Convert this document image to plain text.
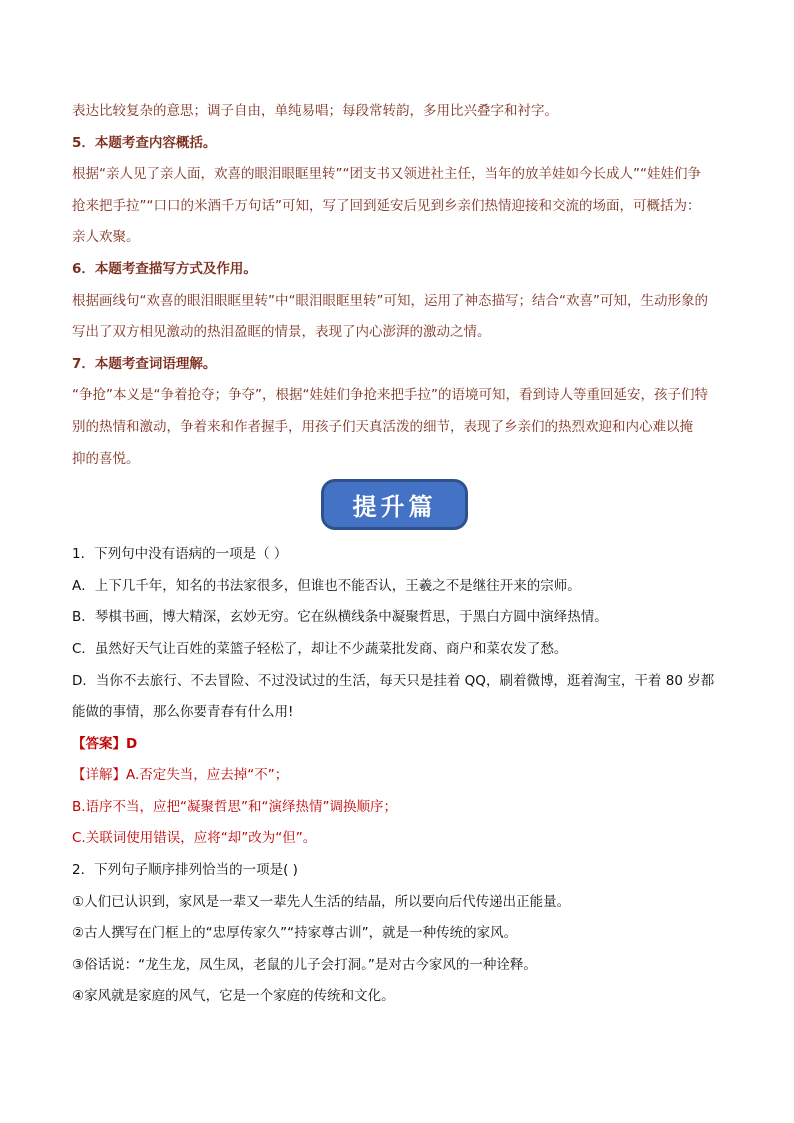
表达比较复杂的意思；调子自由，单纯易唱；每段常转韵，多用比兴叠字和衬字。

5．本题考查内容概括。

根据“亲人见了亲人面，欢喜的眼泪眼眶里转”“团支书又领进社主任，当年的放羊娃如今长成人”“娃娃们争

抢来把手拉”“口口的米酒千万句话”可知，写了回到延安后见到乡亲们热情迎接和交流的场面，可概括为：

亲人欢聚。

6．本题考查描写方式及作用。

根据画线句“欢喜的眼泪眼眶里转”中“眼泪眼眶里转”可知，运用了神态描写；结合“欢喜”可知，生动形象的

写出了双方相见激动的热泪盈眶的情景，表现了内心澎湃的激动之情。

7．本题考查词语理解。

“争抢”本义是“争着抢夺；争夺”，根据“娃娃们争抢来把手拉”的语境可知，看到诗人等重回延安，孩子们特

别的热情和激动，争着来和作者握手，用孩子们天真活泼的细节，表现了乡亲们的热烈欢迎和内心难以掩

抑的喜悦。

提升篇

1．下列句中没有语病的一项是（ ）

A．上下几千年，知名的书法家很多，但谁也不能否认，王羲之不是继往开来的宗师。

B．琴棋书画，博大精深，玄妙无穷。它在纵横线条中凝聚哲思，于黑白方圆中演绎热情。

C．虽然好天气让百姓的菜篮子轻松了，却让不少蔬菜批发商、商户和菜农发了愁。

D．当你不去旅行、不去冒险、不过没试过的生活，每天只是挂着 QQ，刷着微博，逛着淘宝，干着 80 岁都

能做的事情，那么你要青春有什么用!

【答案】D

【详解】A.否定失当，应去掉“不”；

B.语序不当，应把“凝聚哲思”和“演绎热情”调换顺序；

C.关联词使用错误，应将“却”改为“但”。

2．下列句子顺序排列恰当的一项是( )

①人们已认识到，家风是一辈又一辈先人生活的结晶，所以要向后代传递出正能量。

②古人撰写在门框上的“忠厚传家久”“持家尊古训”，就是一种传统的家风。

③俗话说：“龙生龙，凤生凤，老鼠的儿子会打洞。”是对古今家风的一种诠释。

④家风就是家庭的风气，它是一个家庭的传统和文化。
